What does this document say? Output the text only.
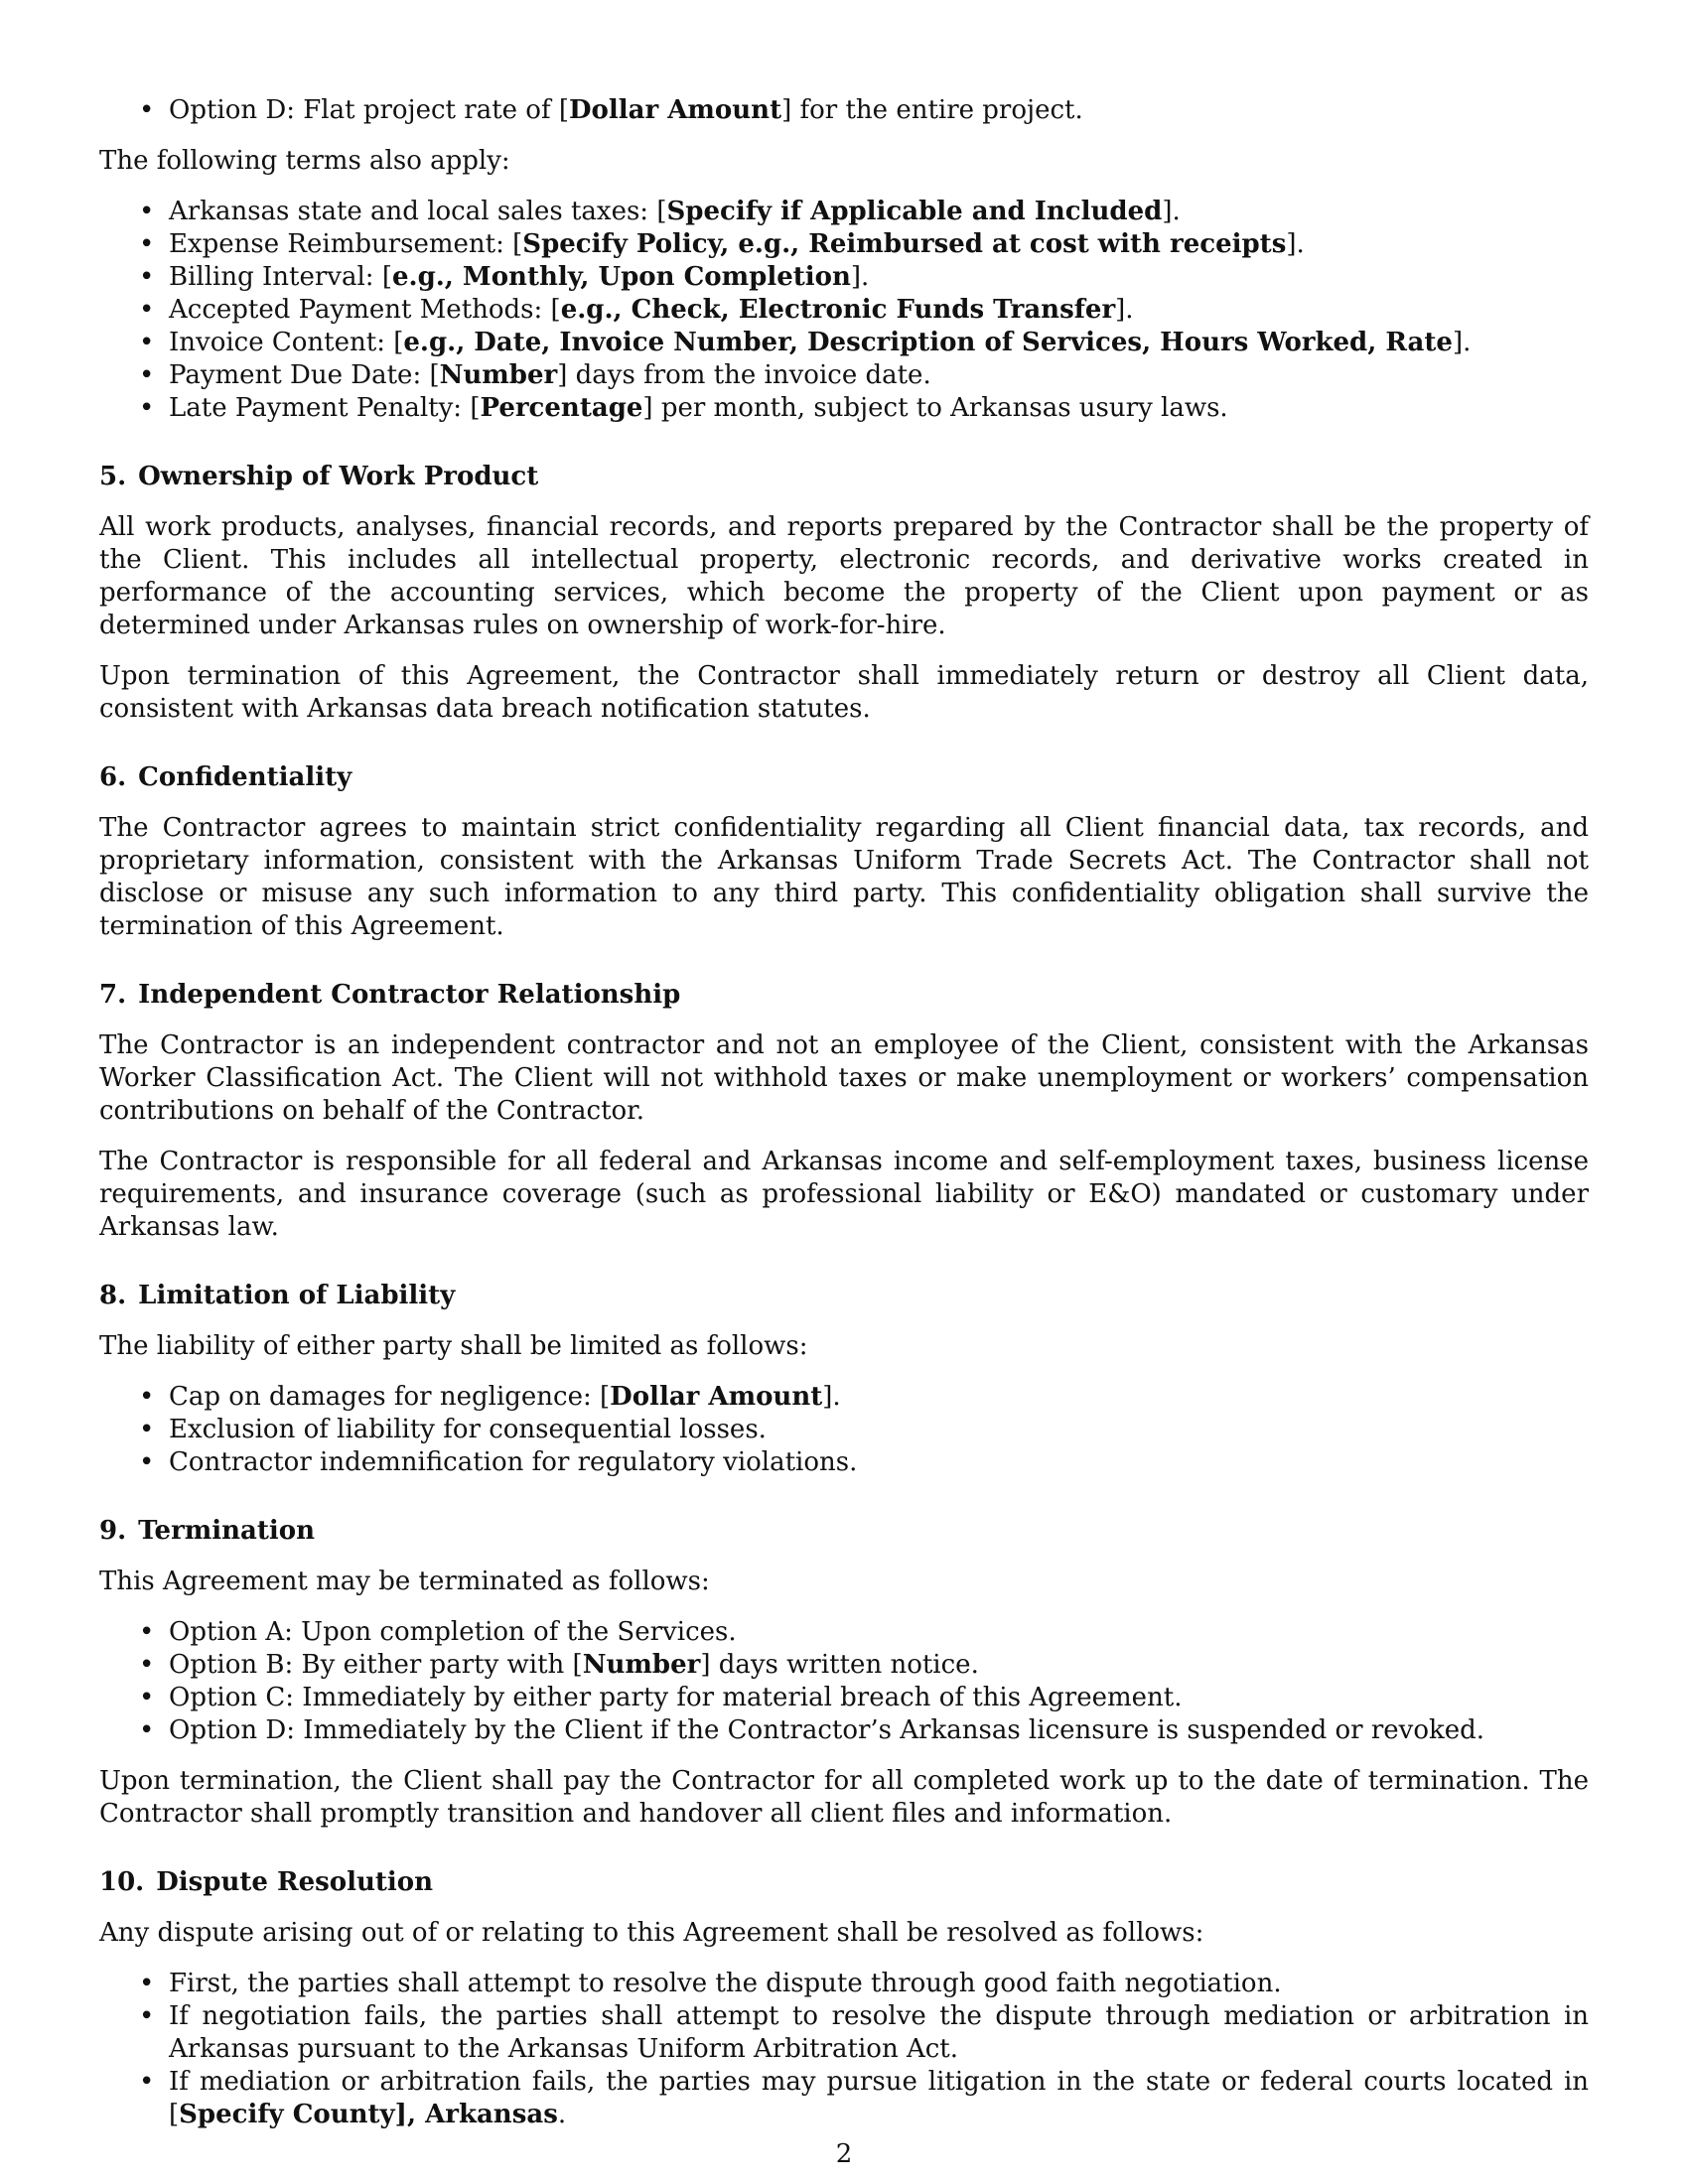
• Option D: Flat project rate of [Dollar Amount] for the entire project.

The following terms also apply:

• Arkansas state and local sales taxes: [Specify if Applicable and Included].
• Expense Reimbursement: [Specify Policy, e.g., Reimbursed at cost with receipts].
• Billing Interval: [e.g., Monthly, Upon Completion].
• Accepted Payment Methods: [e.g., Check, Electronic Funds Transfer].
• Invoice Content: [e.g., Date, Invoice Number, Description of Services, Hours Worked, Rate].
• Payment Due Date: [Number] days from the invoice date.
• Late Payment Penalty: [Percentage] per month, subject to Arkansas usury laws.
5. Ownership of Work Product

All work products, analyses, financial records, and reports prepared by the Contractor shall be the property of the Client. This includes all intellectual property, electronic records, and derivative works created in performance of the accounting services, which become the property of the Client upon payment or as determined under Arkansas rules on ownership of work-for-hire.

Upon termination of this Agreement, the Contractor shall immediately return or destroy all Client data, consistent with Arkansas data breach notification statutes.

6. Confidentiality

The Contractor agrees to maintain strict confidentiality regarding all Client financial data, tax records, and proprietary information, consistent with the Arkansas Uniform Trade Secrets Act. The Contractor shall not disclose or misuse any such information to any third party. This confidentiality obligation shall survive the termination of this Agreement.

7. Independent Contractor Relationship

The Contractor is an independent contractor and not an employee of the Client, consistent with the Arkansas Worker Classification Act. The Client will not withhold taxes or make unemployment or workers’ compensation contributions on behalf of the Contractor.

The Contractor is responsible for all federal and Arkansas income and self-employment taxes, business license requirements, and insurance coverage (such as professional liability or E&O) mandated or customary under Arkansas law.

8. Limitation of Liability

The liability of either party shall be limited as follows:

• Cap on damages for negligence: [Dollar Amount].
• Exclusion of liability for consequential losses.
• Contractor indemnification for regulatory violations.
9. Termination

This Agreement may be terminated as follows:

• Option A: Upon completion of the Services.
• Option B: By either party with [Number] days written notice.
• Option C: Immediately by either party for material breach of this Agreement.
• Option D: Immediately by the Client if the Contractor’s Arkansas licensure is suspended or revoked.

Upon termination, the Client shall pay the Contractor for all completed work up to the date of termination. The Contractor shall promptly transition and handover all client files and information.

10. Dispute Resolution

Any dispute arising out of or relating to this Agreement shall be resolved as follows:

• First, the parties shall attempt to resolve the dispute through good faith negotiation.
• If negotiation fails, the parties shall attempt to resolve the dispute through mediation or arbitration in Arkansas pursuant to the Arkansas Uniform Arbitration Act.
• If mediation or arbitration fails, the parties may pursue litigation in the state or federal courts located in [Specify County], Arkansas.
2
